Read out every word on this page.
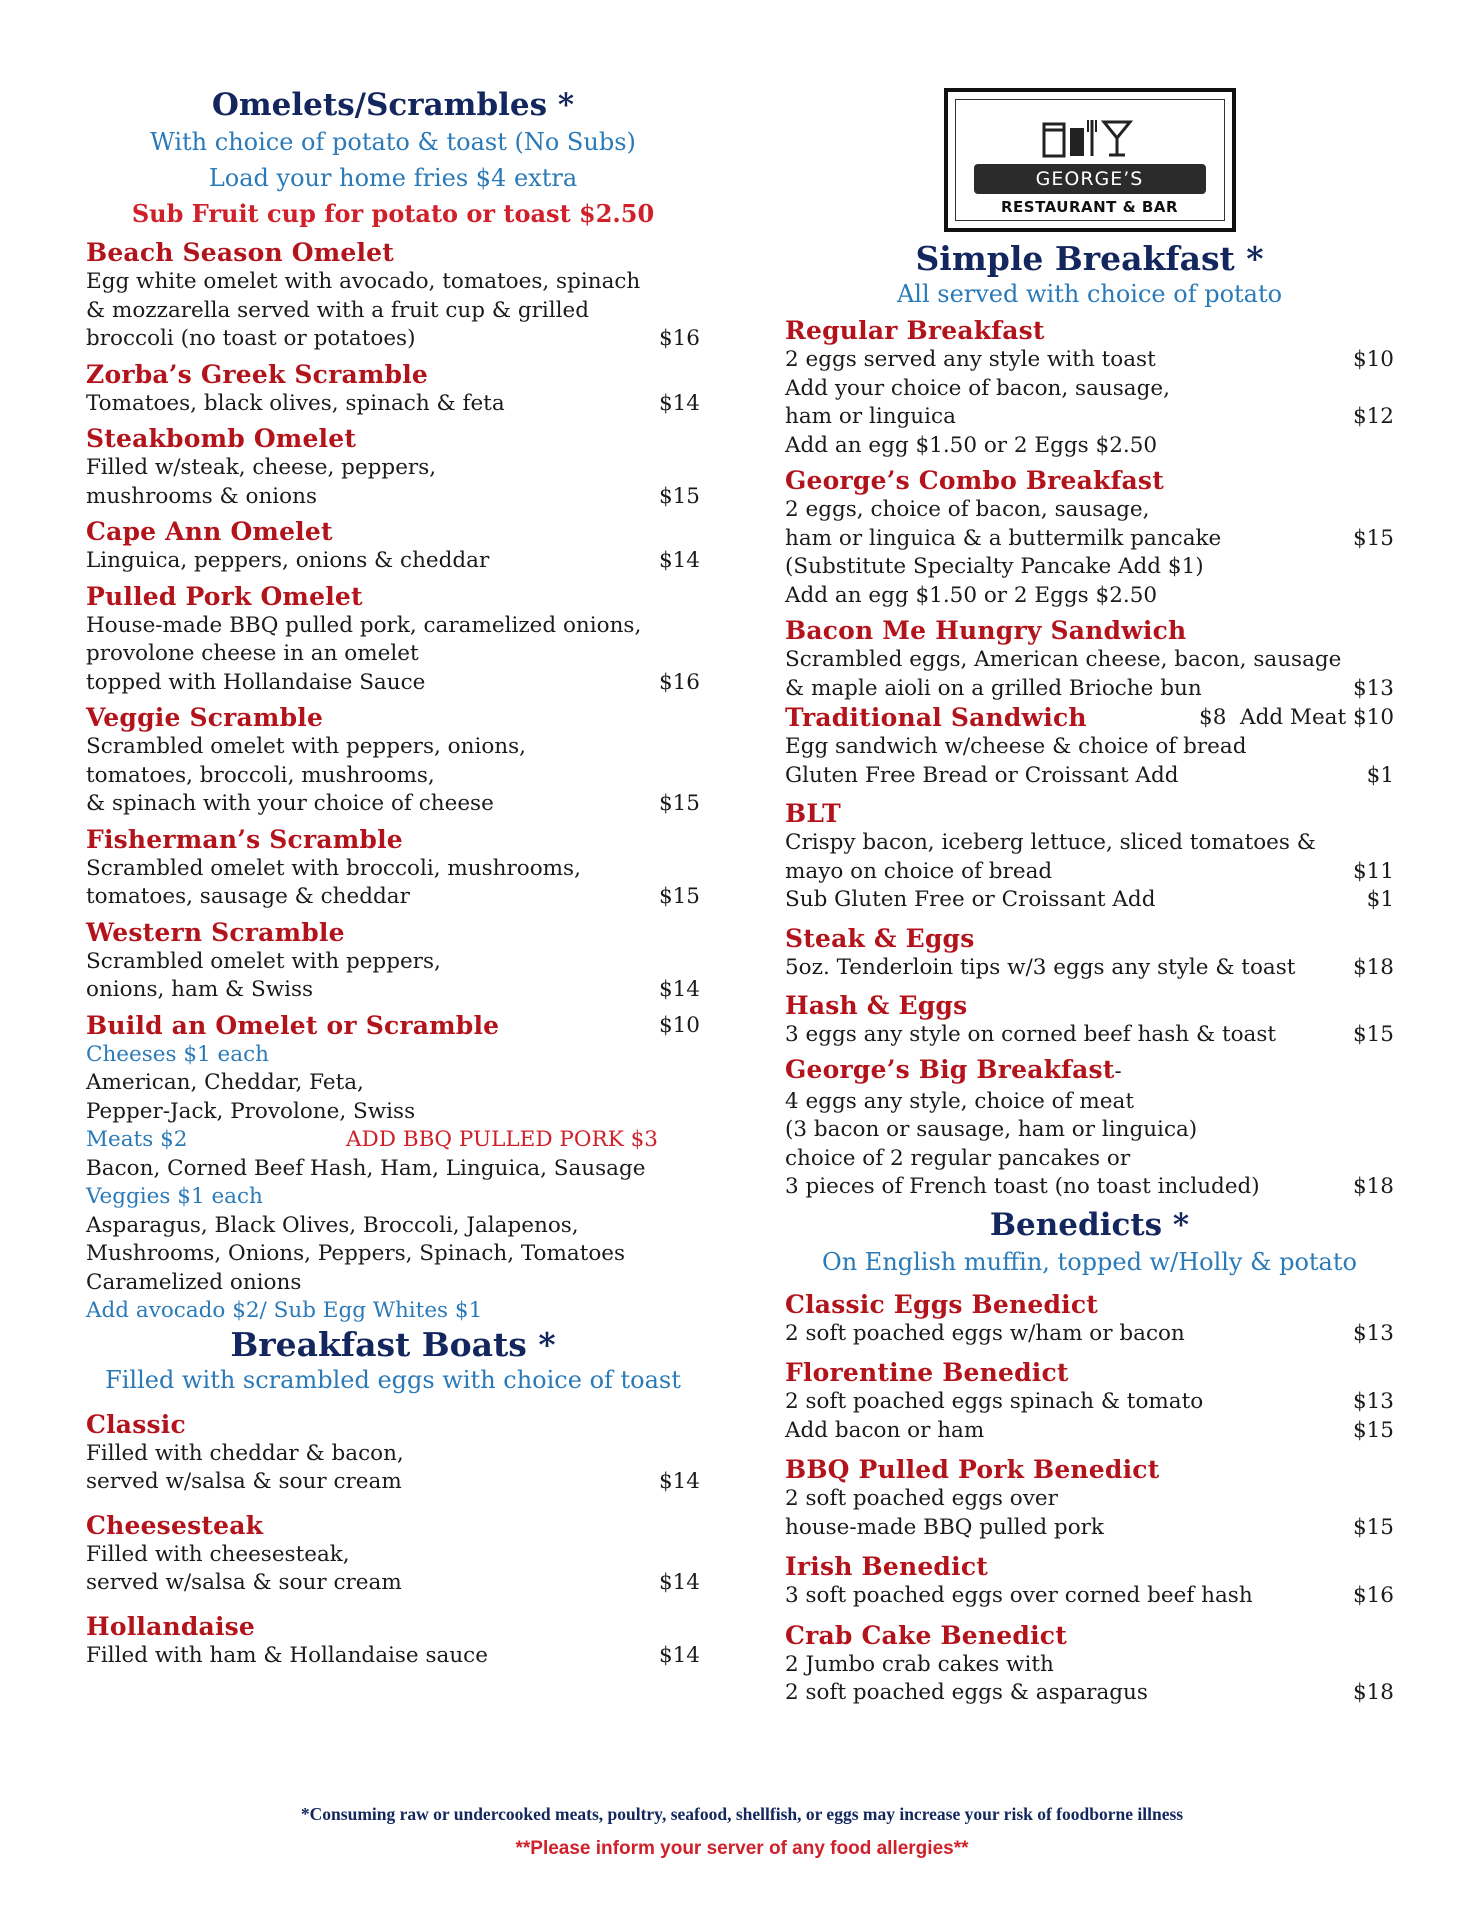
Omelets/Scrambles *
With choice of potato & toast (No Subs)
Load your home fries $4 extra
Sub Fruit cup for potato or toast $2.50
Beach Season Omelet
Egg white omelet with avocado, tomatoes, spinach
& mozzarella served with a fruit cup & grilled
broccoli (no toast or potatoes)	$16
Zorba’s Greek Scramble
Tomatoes, black olives, spinach & feta	$14
Steakbomb Omelet
Filled w/steak, cheese, peppers,
mushrooms & onions	$15
Cape Ann Omelet
Linguica, peppers, onions & cheddar	$14
Pulled Pork Omelet
House-made BBQ pulled pork, caramelized onions,
provolone cheese in an omelet
topped with Hollandaise Sauce	$16
Veggie Scramble
Scrambled omelet with peppers, onions,
tomatoes, broccoli, mushrooms,
& spinach with your choice of cheese	$15
Fisherman’s Scramble
Scrambled omelet with broccoli, mushrooms,
tomatoes, sausage & cheddar	$15
Western Scramble
Scrambled omelet with peppers,
onions, ham & Swiss	$14
Build an Omelet or Scramble	$10
Cheeses $1 each
American, Cheddar, Feta,
Pepper-Jack, Provolone, Swiss
Meats $2	ADD BBQ PULLED PORK $3
Bacon, Corned Beef Hash, Ham, Linguica, Sausage
Veggies $1 each
Asparagus, Black Olives, Broccoli, Jalapenos,
Mushrooms, Onions, Peppers, Spinach, Tomatoes
Caramelized onions
Add avocado $2/ Sub Egg Whites $1
Breakfast Boats *
Filled with scrambled eggs with choice of toast
Classic
Filled with cheddar & bacon,
served w/salsa & sour cream	$14
Cheesesteak
Filled with cheesesteak,
served w/salsa & sour cream	$14
Hollandaise
Filled with ham & Hollandaise sauce	$14
GEORGE’S
RESTAURANT & BAR
Simple Breakfast *
All served with choice of potato
Regular Breakfast
2 eggs served any style with toast	$10
Add your choice of bacon, sausage,
ham or linguica	$12
Add an egg $1.50 or 2 Eggs $2.50
George’s Combo Breakfast
2 eggs, choice of bacon, sausage,
ham or linguica & a buttermilk pancake	$15
(Substitute Specialty Pancake Add $1)
Add an egg $1.50 or 2 Eggs $2.50
Bacon Me Hungry Sandwich
Scrambled eggs, American cheese, bacon, sausage
& maple aioli on a grilled Brioche bun	$13
Traditional Sandwich	$8  Add Meat $10
Egg sandwich w/cheese & choice of bread
Gluten Free Bread or Croissant Add	$1
BLT
Crispy bacon, iceberg lettuce, sliced tomatoes &
mayo on choice of bread	$11
Sub Gluten Free or Croissant Add	$1
Steak & Eggs
5oz. Tenderloin tips w/3 eggs any style & toast	$18
Hash & Eggs
3 eggs any style on corned beef hash & toast	$15
George’s Big Breakfast-
4 eggs any style, choice of meat
(3 bacon or sausage, ham or linguica)
choice of 2 regular pancakes or
3 pieces of French toast (no toast included)	$18
Benedicts *
On English muffin, topped w/Holly & potato
Classic Eggs Benedict
2 soft poached eggs w/ham or bacon	$13
Florentine Benedict
2 soft poached eggs spinach & tomato	$13
Add bacon or ham	$15
BBQ Pulled Pork Benedict
2 soft poached eggs over
house-made BBQ pulled pork	$15
Irish Benedict
3 soft poached eggs over corned beef hash	$16
Crab Cake Benedict
2 Jumbo crab cakes with
2 soft poached eggs & asparagus	$18
*Consuming raw or undercooked meats, poultry, seafood, shellfish, or eggs may increase your risk of foodborne illness
**Please inform your server of any food allergies**
